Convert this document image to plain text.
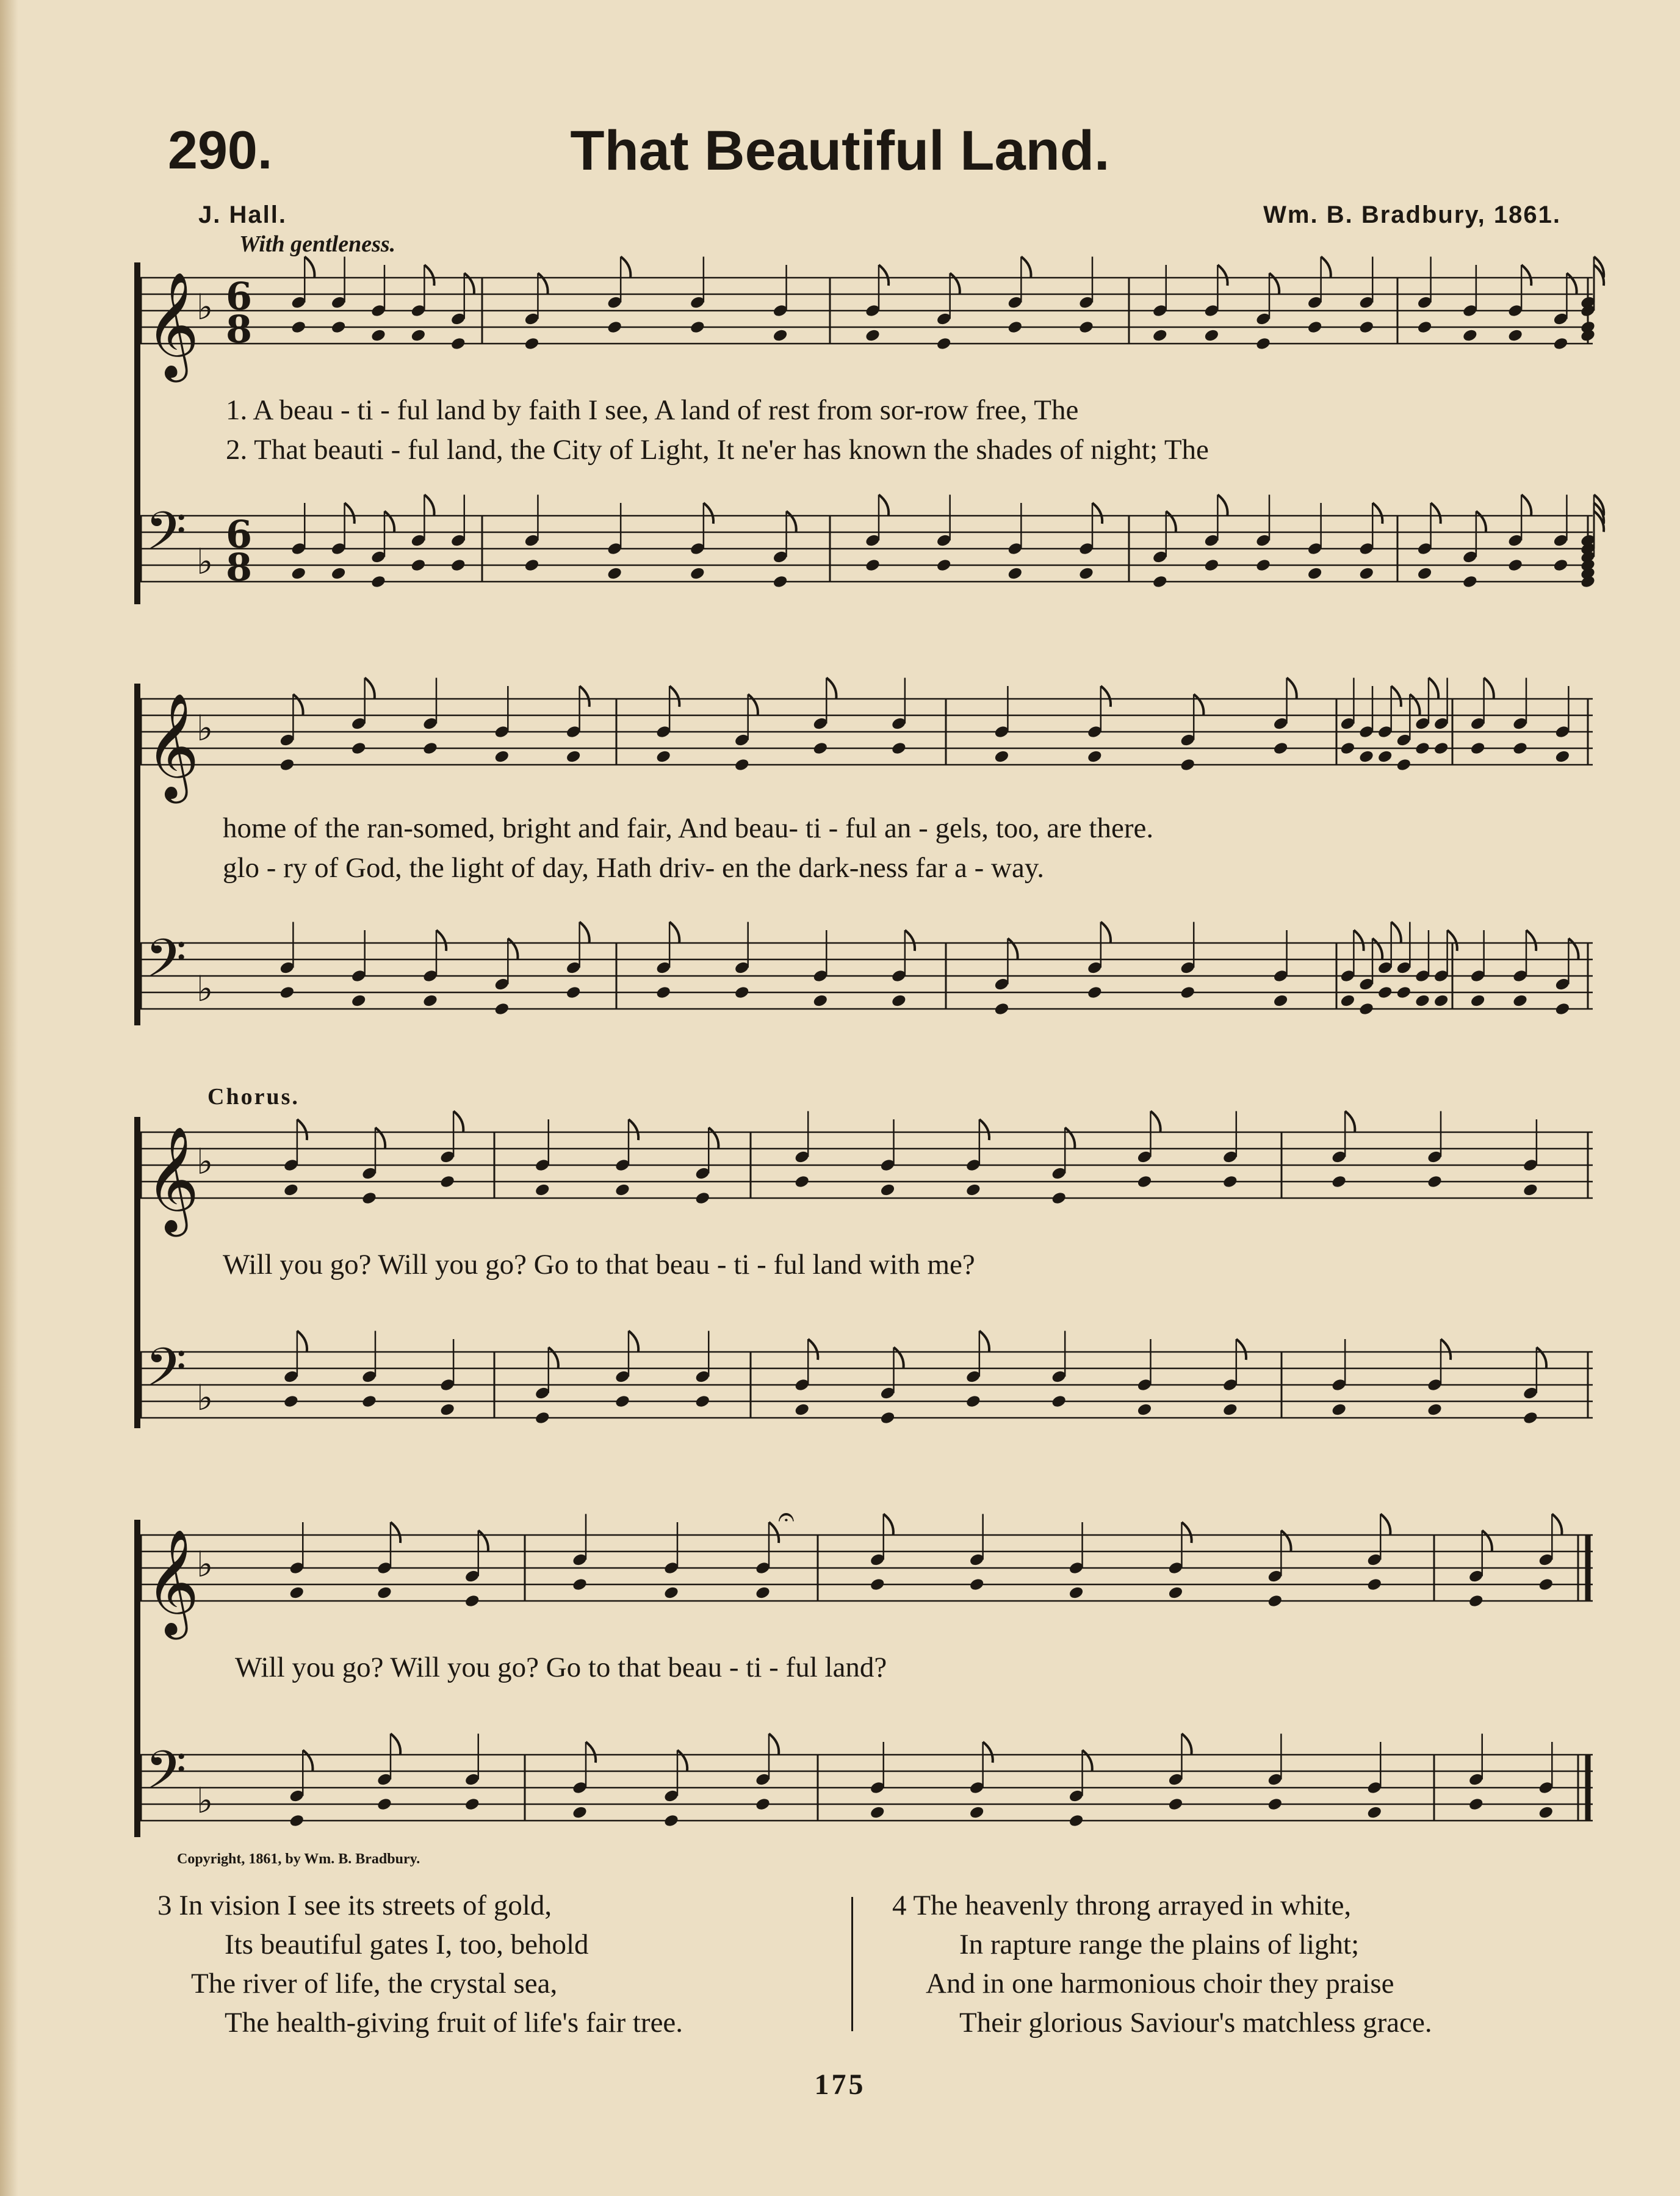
290.	That Beautiful Land.
J. Hall.	Wm. B. Bradbury, 1861.
With gentleness.
𝄞
♭ 6
8
𝄢 ♭
6
8
𝄞
♭
𝄢 ♭
𝄞
♭
𝄢 ♭
𝄞
♭
𝄐
𝄢 ♭
1. A beau - ti - ful land by faith I see, A land of rest from sor-row free, The
2. That beauti - ful land, the City of Light, It ne'er has known the shades of night; The
home of the ran-somed, bright and fair, And beau- ti - ful an - gels, too, are there.
glo - ry of God, the light of day, Hath driv- en the dark-ness far a - way.
Chorus.
Will you go? Will you go? Go to that beau - ti - ful land with me?
Will you go? Will you go? Go to that beau - ti - ful land?
Copyright, 1861, by Wm. B. Bradbury.
3 In vision I see its streets of gold,
Its beautiful gates I, too, behold
The river of life, the crystal sea,
The health-giving fruit of life's fair tree.
4 The heavenly throng arrayed in white,
In rapture range the plains of light;
And in one harmonious choir they praise
Their glorious Saviour's matchless grace.
175
